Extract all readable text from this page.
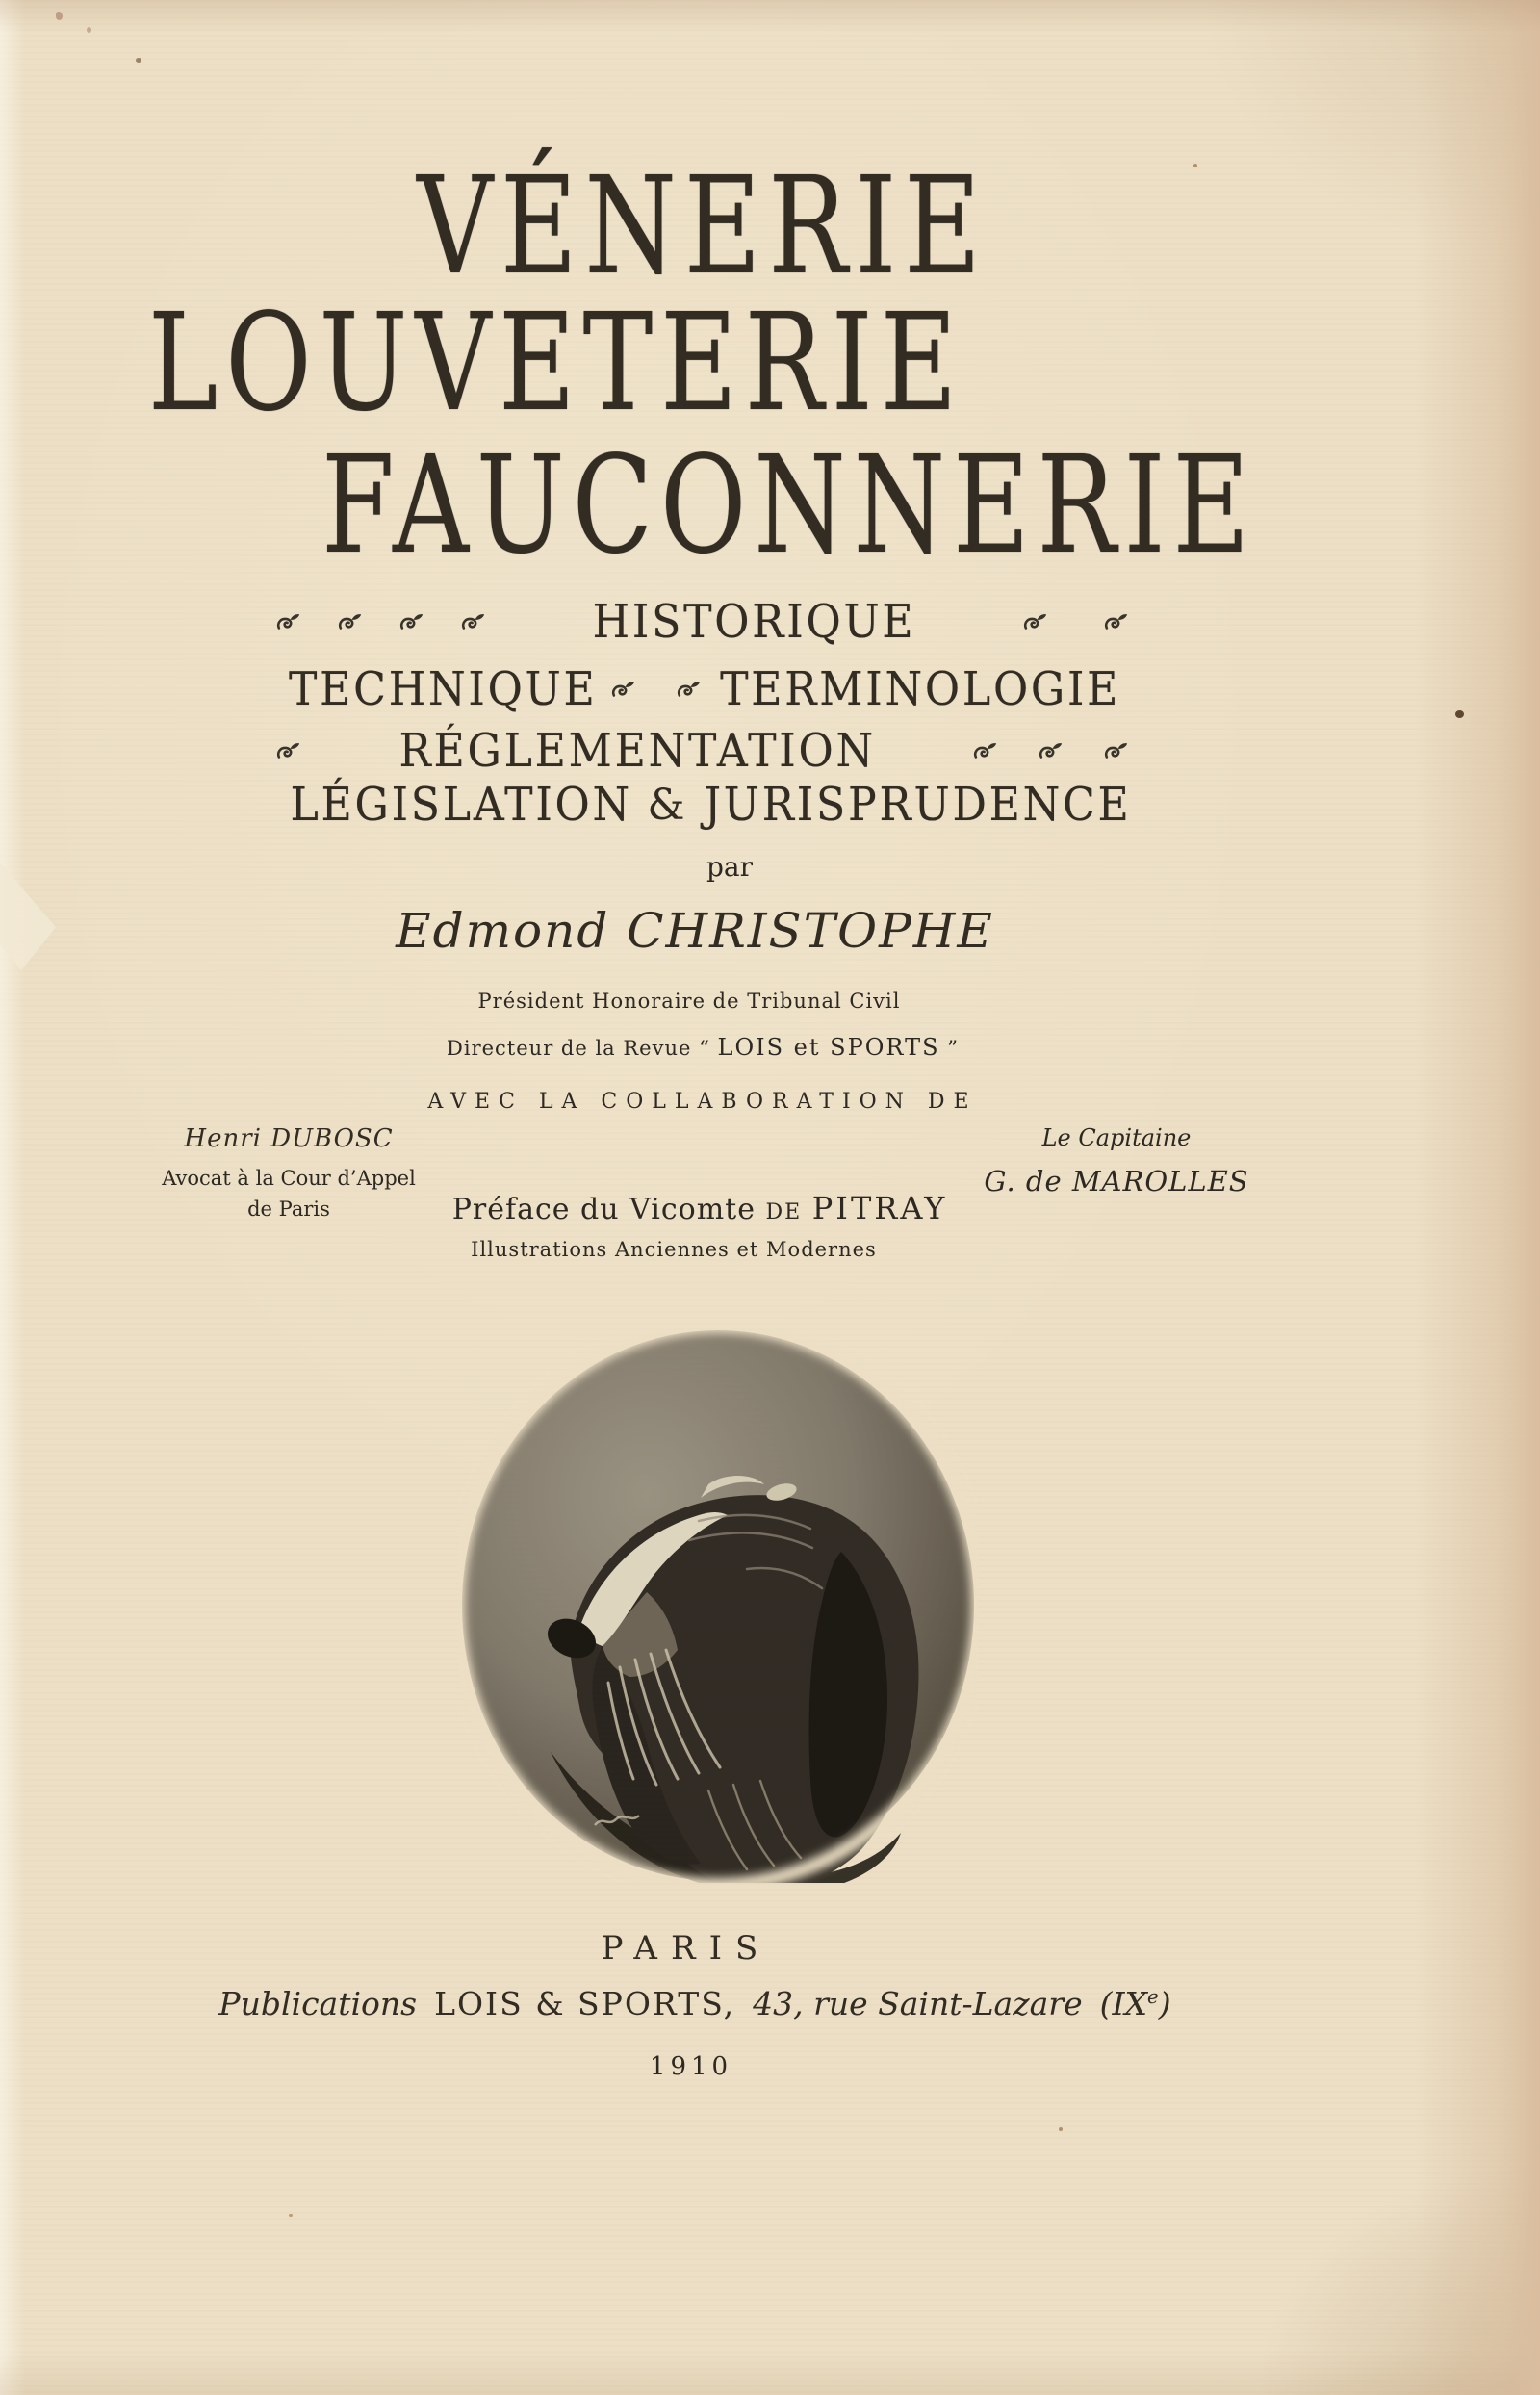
VÉNERIE
LOUVETERIE
FAUCONNERIE
HISTORIQUE
TECHNIQUE	TERMINOLOGIE
RÉGLEMENTATION
LÉGISLATION & JURISPRUDENCE
par
Edmond CHRISTOPHE
Président Honoraire de Tribunal Civil
Directeur de la Revue “ LOIS et SPORTS ”
AVEC LA COLLABORATION DE
Henri DUBOSC
Avocat à la Cour d’Appel
de Paris
Le Capitaine
G. de MAROLLES
Préface du Vicomte DE PITRAY
Illustrations Anciennes et Modernes
PARIS
Publications LOIS & SPORTS, 43, rue Saint-Lazare (IXe)
1910
